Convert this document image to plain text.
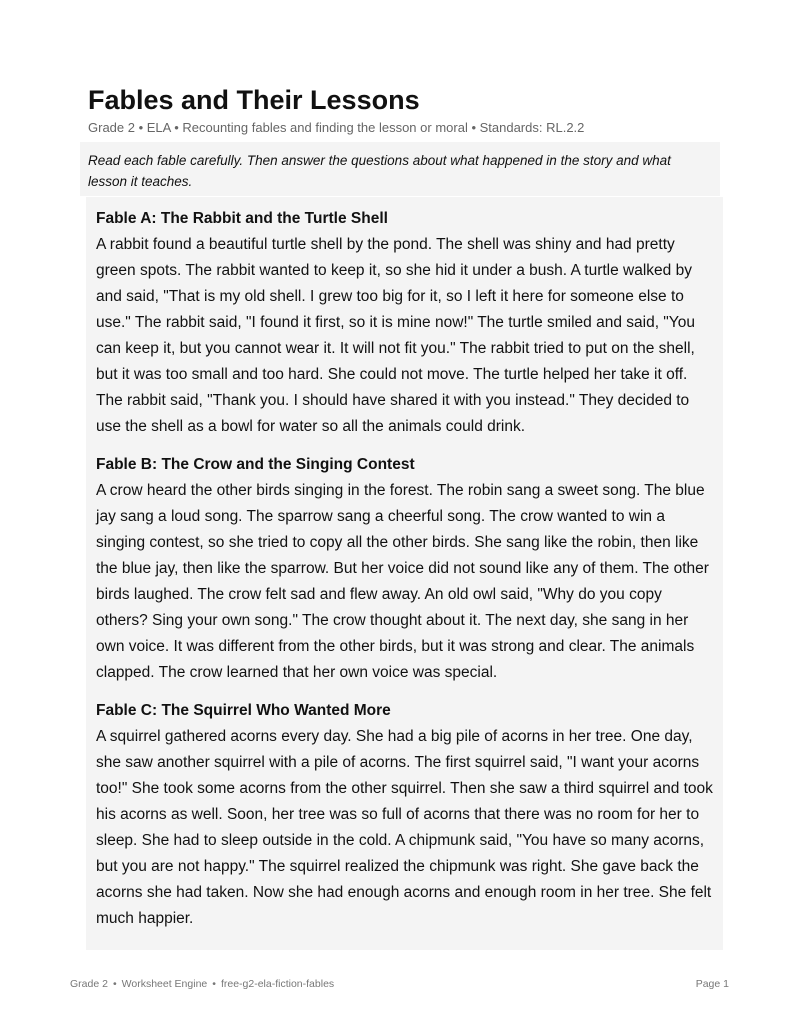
Fables and Their Lessons
Grade 2 • ELA • Recounting fables and finding the lesson or moral • Standards: RL.2.2
Read each fable carefully. Then answer the questions about what happened in the story and what lesson it teaches.
Fable A: The Rabbit and the Turtle Shell

A rabbit found a beautiful turtle shell by the pond. The shell was shiny and had pretty green spots. The rabbit wanted to keep it, so she hid it under a bush. A turtle walked by and said, "That is my old shell. I grew too big for it, so I left it here for someone else to use." The rabbit said, "I found it first, so it is mine now!" The turtle smiled and said, "You can keep it, but you cannot wear it. It will not fit you." The rabbit tried to put on the shell, but it was too small and too hard. She could not move. The turtle helped her take it off. The rabbit said, "Thank you. I should have shared it with you instead." They decided to use the shell as a bowl for water so all the animals could drink.

Fable B: The Crow and the Singing Contest

A crow heard the other birds singing in the forest. The robin sang a sweet song. The blue jay sang a loud song. The sparrow sang a cheerful song. The crow wanted to win a singing contest, so she tried to copy all the other birds. She sang like the robin, then like the blue jay, then like the sparrow. But her voice did not sound like any of them. The other birds laughed. The crow felt sad and flew away. An old owl said, "Why do you copy others? Sing your own song." The crow thought about it. The next day, she sang in her own voice. It was different from the other birds, but it was strong and clear. The animals clapped. The crow learned that her own voice was special.

Fable C: The Squirrel Who Wanted More

A squirrel gathered acorns every day. She had a big pile of acorns in her tree. One day, she saw another squirrel with a pile of acorns. The first squirrel said, "I want your acorns too!" She took some acorns from the other squirrel. Then she saw a third squirrel and took his acorns as well. Soon, her tree was so full of acorns that there was no room for her to sleep. She had to sleep outside in the cold. A chipmunk said, "You have so many acorns, but you are not happy." The squirrel realized the chipmunk was right. She gave back the acorns she had taken. Now she had enough acorns and enough room in her tree. She felt much happier.

Grade 2 • Worksheet Engine • free-g2-ela-fiction-fables	Page 1
